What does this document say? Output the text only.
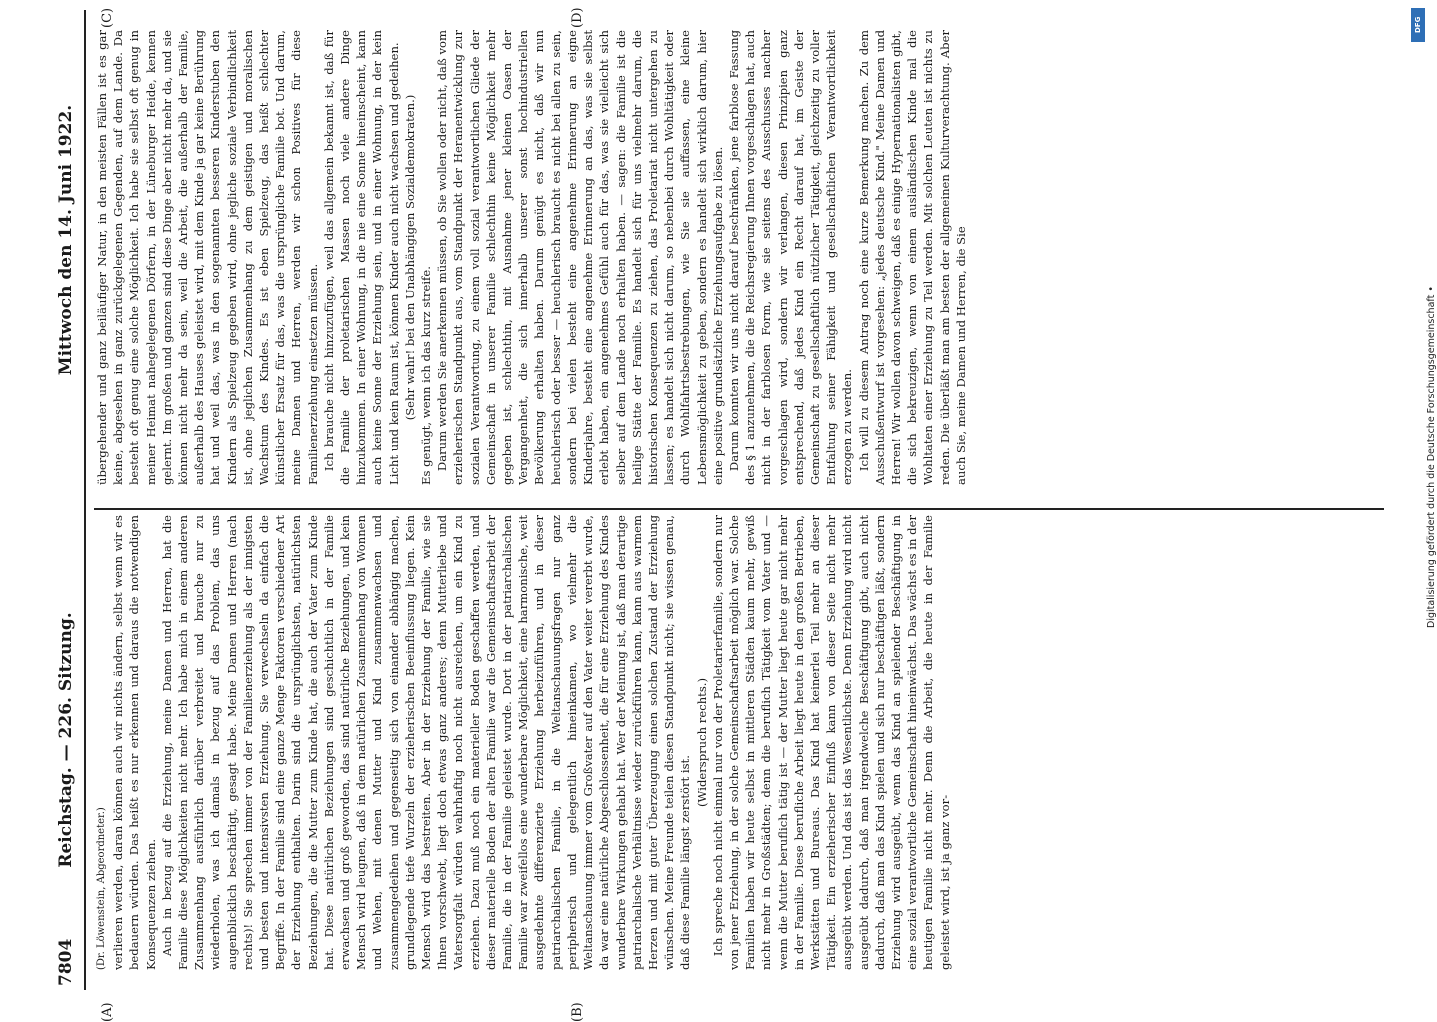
7804
Reichstag. — 226. Sitzung.
Mittwoch den 14. Juni 1922.
(A)	(B)
(C)	(D)

(Dr. Löwenstein, Abgeordneter.) verlieren werden, daran können auch wir nichts ändern, selbst wenn wir es bedauern würden. Das heißt es nur erkennen und daraus die notwendigen Konsequenzen ziehen. Auch in bezug auf die Erziehung, meine Damen und Herren, hat die Familie diese Möglichkeiten nicht mehr. Ich habe mich in einem anderen Zusammenhang ausführlich darüber verbreitet und brauche nur zu wiederholen, was ich damals in bezug auf das Problem, das uns augenblicklich beschäftigt, gesagt habe. Meine Damen und Herren (nach rechts)! Sie sprechen immer von der Familienerziehung als der innigsten und besten und intensivsten Erziehung. Sie verwechseln da einfach die Begriffe. In der Familie sind eine ganze Menge Faktoren verschiedener Art der Erziehung enthalten. Darin sind die ursprünglichsten, natürlichsten Beziehungen, die die Mutter zum Kinde hat, die auch der Vater zum Kinde hat. Diese natürlichen Beziehungen sind geschichtlich in der Familie erwachsen und groß geworden, das sind natürliche Beziehungen, und kein Mensch wird leugnen, daß in dem natürlichen Zusammenhang von Wonnen und Wehen, mit denen Mutter und Kind zusammenwachsen und zusammengedeihen und gegenseitig sich von einander abhängig machen, grundlegende tiefe Wurzeln der erzieherischen Beeinflussung liegen. Kein Mensch wird das bestreiten. Aber in der Erziehung der Familie, wie sie Ihnen vorschwebt, liegt doch etwas ganz anderes; denn Mutterliebe und Vatersorgfalt würden wahrhaftig noch nicht ausreichen, um ein Kind zu erziehen. Dazu muß noch ein materieller Boden geschaffen werden, und dieser materielle Boden der alten Familie war die Gemeinschaftsarbeit der Familie, die in der Familie geleistet wurde. Dort in der patriarchalischen Familie war zweifellos eine wunderbare Möglichkeit, eine harmonische, weit ausgedehnte differenzierte Erziehung herbeizuführen, und in dieser patriarchalischen Familie, in die Weltanschauungsfragen nur ganz peripherisch und gelegentlich hineinkamen, wo vielmehr die Weltanschauung immer vom Großvater auf den Vater weiter vererbt wurde, da war eine natürliche Abgeschlossenheit, die für eine Erziehung des Kindes wunderbare Wirkungen gehabt hat. Wer der Meinung ist, daß man derartige patriarchalische Verhältnisse wieder zurückführen kann, kann aus warmem Herzen und mit guter Überzeugung einen solchen Zustand der Erziehung wünschen. Meine Freunde teilen diesen Standpunkt nicht; sie wissen genau, daß diese Familie längst zerstört ist.

(Widerspruch rechts.) Ich spreche noch nicht einmal nur von der Proletarierfamilie, sondern nur von jener Erziehung, in der solche Gemeinschaftsarbeit möglich war. Solche Familien haben wir heute selbst in mittleren Städten kaum mehr, gewiß nicht mehr in Großstädten; denn die beruflich Tätigkeit vom Vater und — wenn die Mutter beruflich tätig ist — der Mutter liegt heute gar nicht mehr in der Familie. Diese berufliche Arbeit liegt heute in den großen Betrieben, Werkstätten und Bureaus. Das Kind hat keinerlei Teil mehr an dieser Tätigkeit. Ein erzieherischer Einfluß kann von dieser Seite nicht mehr ausgeübt werden. Und das ist das Wesentlichste. Denn Erziehung wird nicht ausgeübt dadurch, daß man irgendwelche Beschäftigung gibt, auch nicht dadurch, daß man das Kind spielen und sich nur beschäftigen läßt, sondern Erziehung wird ausgeübt, wenn das Kind an spielender Beschäftigung in eine sozial verantwortliche Gemeinschaft hineinwächst. Das wächst es in der heutigen Familie nicht mehr. Denn die Arbeit, die heute in der Familie geleistet wird, ist ja ganz vor-

übergehender und ganz beiläufiger Natur, in den meisten Fällen ist es gar keine, abgesehen in ganz zurückgelegenen Gegenden, auf dem Lande. Da besteht oft genug eine solche Möglichkeit. Ich habe sie selbst oft genug in meiner Heimat nahegelegenen Dörfern, in der Lüneburger Heide, kennen gelernt. Im großen und ganzen sind diese Dinge aber nicht mehr da, und sie können nicht mehr da sein, weil die Arbeit, die außerhalb der Familie, außerhalb des Hauses geleistet wird, mit dem Kinde ja gar keine Berührung hat und weil das, was in den sogenannten besseren Kinderstuben den Kindern als Spielzeug gegeben wird, ohne jegliche soziale Verbindlichkeit ist, ohne jeglichen Zusammenhang zu dem geistigen und moralischen Wachstum des Kindes. Es ist eben Spielzeug, das heißt schlechter künstlicher Ersatz für das, was die ursprüngliche Familie bot. Und darum, meine Damen und Herren, werden wir schon Positives für diese Familienerziehung einsetzen müssen. Ich brauche nicht hinzuzufügen, weil das allgemein bekannt ist, daß für die Familie der proletarischen Massen noch viele andere Dinge hinzukommen. In einer Wohnung, in die nie eine Sonne hineinscheint, kann auch keine Sonne der Erziehung sein, und in einer Wohnung, in der kein Licht und kein Raum ist, können Kinder auch nicht wachsen und gedeihen. (Sehr wahr! bei den Unabhängigen Sozialdemokraten.) Es genügt, wenn ich das kurz streife. Darum werden Sie anerkennen müssen, ob Sie wollen oder nicht, daß vom erzieherischen Standpunkt aus, vom Standpunkt der Heranentwicklung zur sozialen Verantwortung, zu einem voll sozial verantwortlichen Gliede der Gemeinschaft in unserer Familie schlechthin keine Möglichkeit mehr gegeben ist, schlechthin, mit Ausnahme jener kleinen Oasen der Vergangenheit, die sich innerhalb unserer sonst hochindustriellen Bevölkerung erhalten haben. Darum genügt es nicht, daß wir nun heuchlerisch oder besser — heuchlerisch braucht es nicht bei allen zu sein, sondern bei vielen besteht eine angenehme Erinnerung an eigne Kinderjahre, besteht eine angenehme Erinnerung an das, was sie selbst erlebt haben, ein angenehmes Gefühl auch für das, was sie vielleicht sich selber auf dem Lande noch erhalten haben. — sagen: die Familie ist die heilige Stätte der Familie. Es handelt sich für uns vielmehr darum, die historischen Konsequenzen zu ziehen, das Proletariat nicht untergehen zu lassen; es handelt sich nicht darum, so nebenbei durch Wohltätigkeit oder durch Wohlfahrtsbestrebungen, wie Sie sie auffassen, eine kleine Lebensmöglichkeit zu geben, sondern es handelt sich wirklich darum, hier eine positive grundsätzliche Erziehungsaufgabe zu lösen. Darum konnten wir uns nicht darauf beschränken, jene farblose Fassung des § 1 anzunehmen, die die Reichsregierung Ihnen vorgeschlagen hat, auch nicht in der farblosen Form, wie sie seitens des Ausschusses nachher vorgeschlagen wird, sondern wir verlangen, diesen Prinzipien ganz entsprechend, daß jedes Kind ein Recht darauf hat, im Geiste der Gemeinschaft zu gesellschaftlich nützlicher Tätigkeit, gleichzeitig zu voller Entfaltung seiner Fähigkeit und gesellschaftlichen Verantwortlichkeit erzogen zu werden. Ich will zu diesem Antrag noch eine kurze Bemerkung machen. Zu dem Ausschußentwurf ist vorgesehen: „jedes deutsche Kind." Meine Damen und Herren! Wir wollen davon schweigen, daß es einige Hypernationalisten gibt, die sich bekreuzigen, wenn von einem ausländischen Kinde mal die Wohltaten einer Erziehung zu Teil werden. Mit solchen Leuten ist nichts zu reden. Die überläßt man am besten der allgemeinen Kulturverachtung. Aber auch Sie, meine Damen und Herren, die Sie

DFG
Digitalisierung gefördert durch die Deutsche Forschungsgemeinschaft •
